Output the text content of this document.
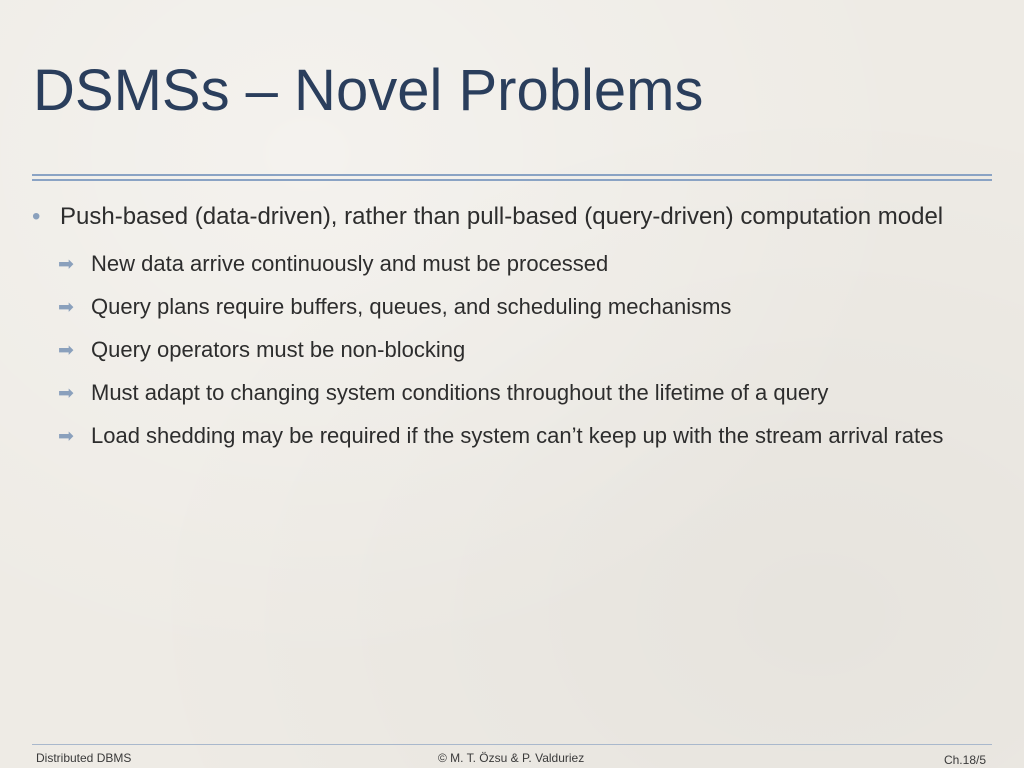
DSMSs – Novel Problems
• Push-based (data-driven), rather than pull-based (query-driven) computation model
➡ New data arrive continuously and must be processed
➡ Query plans require buffers, queues, and scheduling mechanisms
➡ Query operators must be non-blocking
➡ Must adapt to changing system conditions throughout the lifetime of a query
➡ Load shedding may be required if the system can’t keep up with the stream arrival rates
Distributed DBMS	© M. T. Özsu & P. Valduriez	Ch.18/5
